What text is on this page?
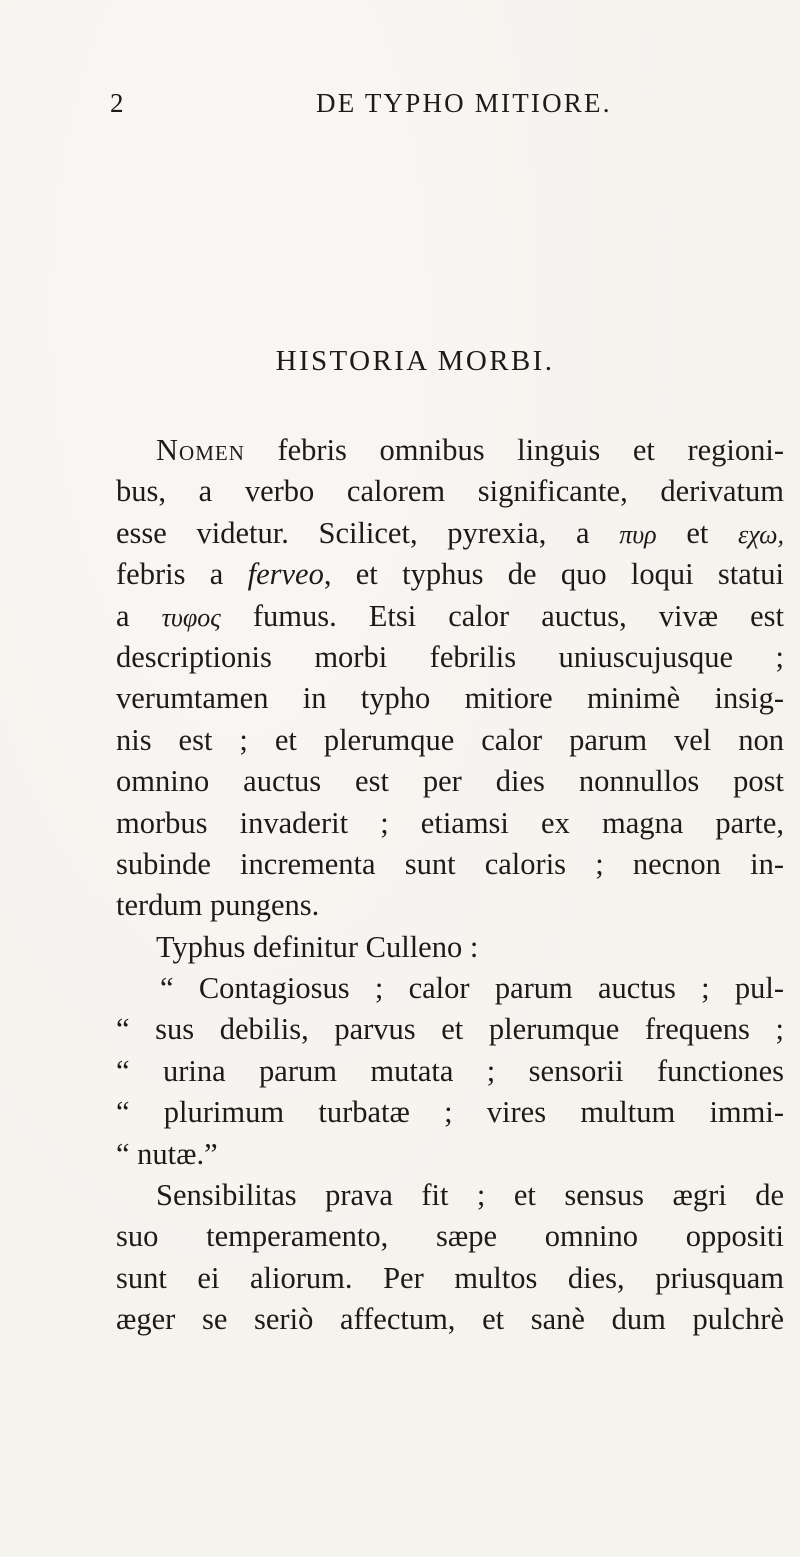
2	DE TYPHO MITIORE.
HISTORIA MORBI.
Nomen febris omnibus linguis et regioni-
bus, a verbo calorem significante, derivatum
esse videtur. Scilicet, pyrexia, a πυρ et εχω,
febris a ferveo, et typhus de quo loqui statui
a τυφος fumus. Etsi calor auctus, vivæ est
descriptionis morbi febrilis uniuscujusque ;
verumtamen in typho mitiore minimè insig-
nis est ; et plerumque calor parum vel non
omnino auctus est per dies nonnullos post
morbus invaderit ; etiamsi ex magna parte,
subinde incrementa sunt caloris ; necnon in-
terdum pungens.
Typhus definitur Culleno :
“ Contagiosus ; calor parum auctus ; pul-
“ sus debilis, parvus et plerumque frequens ;
“ urina parum mutata ; sensorii functiones
“ plurimum turbatæ ; vires multum immi-
“ nutæ.”
Sensibilitas prava fit ; et sensus ægri de
suo temperamento, sæpe omnino oppositi
sunt ei aliorum. Per multos dies, priusquam
æger se seriò affectum, et sanè dum pulchrè
